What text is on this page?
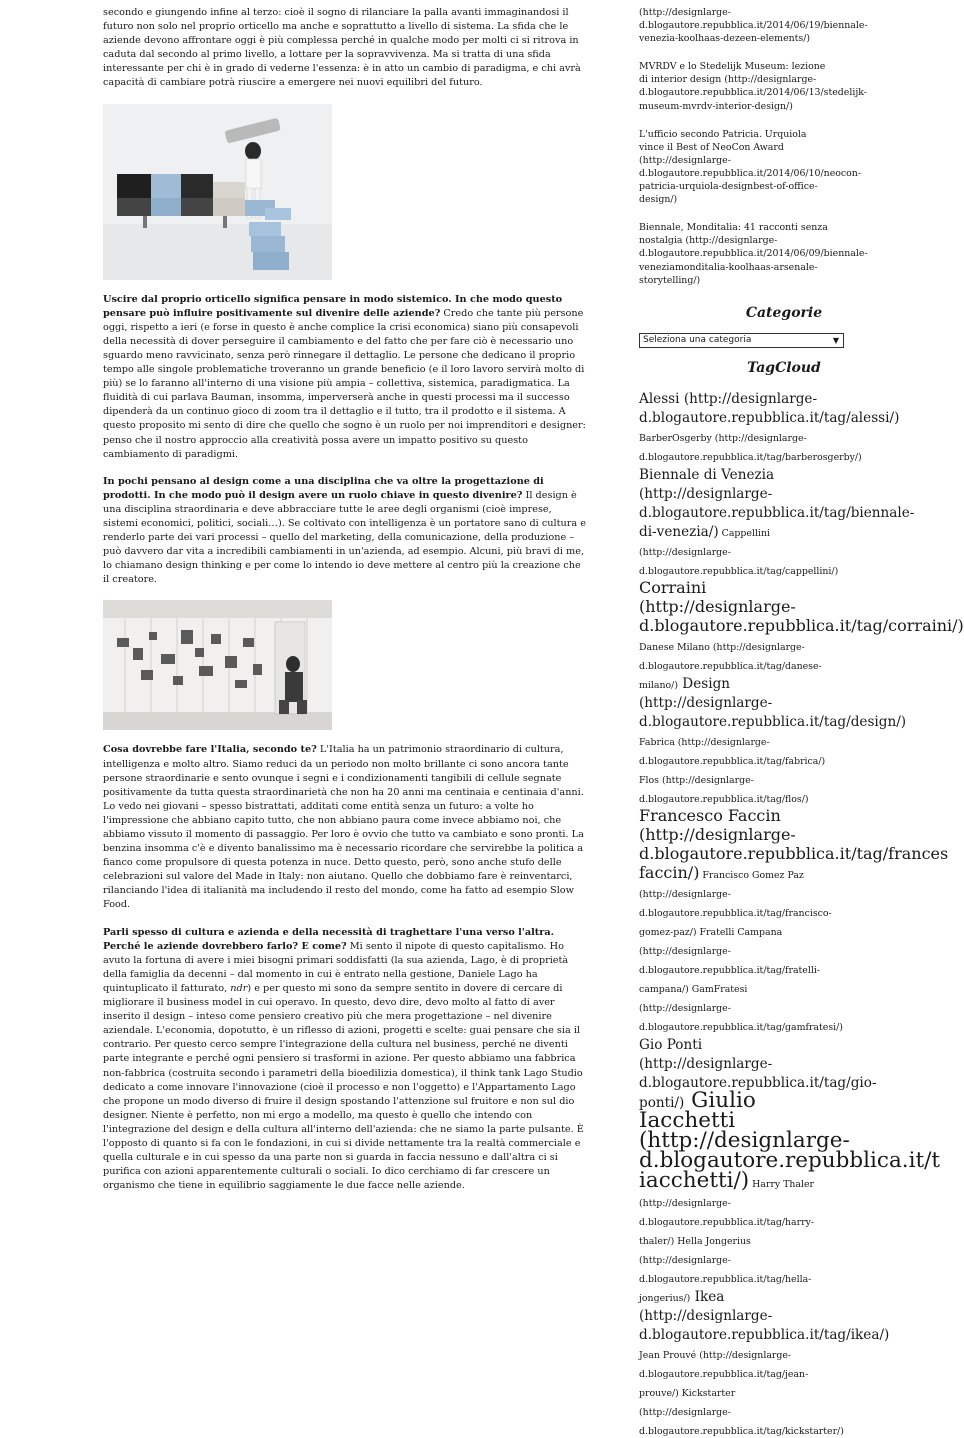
secondo e giungendo infine al terzo: cioè il sogno di rilanciare la palla avanti immaginandosi il futuro non solo nel proprio orticello ma anche e soprattutto a livello di sistema. La sfida che le aziende devono affrontare oggi è più complessa perché in qualche modo per molti ci si ritrova in caduta dal secondo al primo livello, a lottare per la sopravvivenza. Ma si tratta di una sfida interessante per chi è in grado di vederne l'essenza: è in atto un cambio di paradigma, e chi avrà capacità di cambiare potrà riuscire a emergere nei nuovi equilibri del futuro.

Uscire dal proprio orticello significa pensare in modo sistemico. In che modo questo pensare può influire positivamente sul divenire delle aziende? Credo che tante più persone oggi, rispetto a ieri (e forse in questo è anche complice la crisi economica) siano più consapevoli della necessità di dover perseguire il cambiamento e del fatto che per fare ciò è necessario uno sguardo meno ravvicinato, senza però rinnegare il dettaglio. Le persone che dedicano il proprio tempo alle singole problematiche troveranno un grande beneficio (e il loro lavoro servirà molto di più) se lo faranno all'interno di una visione più ampia – collettiva, sistemica, paradigmatica. La fluidità di cui parlava Bauman, insomma, imperverserà anche in questi processi ma il successo dipenderà da un continuo gioco di zoom tra il dettaglio e il tutto, tra il prodotto e il sistema. A questo proposito mi sento di dire che quello che sogno è un ruolo per noi imprenditori e designer: penso che il nostro approccio alla creatività possa avere un impatto positivo su questo cambiamento di paradigmi.

In pochi pensano al design come a una disciplina che va oltre la progettazione di prodotti. In che modo può il design avere un ruolo chiave in questo divenire? Il design è una disciplina straordinaria e deve abbracciare tutte le aree degli organismi (cioè imprese, sistemi economici, politici, sociali…). Se coltivato con intelligenza è un portatore sano di cultura e renderlo parte dei vari processi – quello del marketing, della comunicazione, della produzione – può davvero dar vita a incredibili cambiamenti in un'azienda, ad esempio. Alcuni, più bravi di me, lo chiamano design thinking e per come lo intendo io deve mettere al centro più la creazione che il creatore.

Cosa dovrebbe fare l'Italia, secondo te? L'Italia ha un patrimonio straordinario di cultura, intelligenza e molto altro. Siamo reduci da un periodo non molto brillante ci sono ancora tante persone straordinarie e sento ovunque i segni e i condizionamenti tangibili di cellule segnate positivamente da tutta questa straordinarietà che non ha 20 anni ma centinaia e centinaia d'anni. Lo vedo nei giovani – spesso bistrattati, additati come entità senza un futuro: a volte ho l'impressione che abbiano capito tutto, che non abbiano paura come invece abbiamo noi, che abbiamo vissuto il momento di passaggio. Per loro è ovvio che tutto va cambiato e sono pronti. La benzina insomma c'è e divento banalissimo ma è necessario ricordare che servirebbe la politica a fianco come propulsore di questa potenza in nuce. Detto questo, però, sono anche stufo delle celebrazioni sul valore del Made in Italy: non aiutano. Quello che dobbiamo fare è reinventarci, rilanciando l'idea di italianità ma includendo il resto del mondo, come ha fatto ad esempio Slow Food.

Parli spesso di cultura e azienda e della necessità di traghettare l'una verso l'altra. Perché le aziende dovrebbero farlo? E come? Mi sento il nipote di questo capitalismo. Ho avuto la fortuna di avere i miei bisogni primari soddisfatti (la sua azienda, Lago, è di proprietà della famiglia da decenni – dal momento in cui è entrato nella gestione, Daniele Lago ha quintuplicato il fatturato, ndr) e per questo mi sono da sempre sentito in dovere di cercare di migliorare il business model in cui operavo. In questo, devo dire, devo molto al fatto di aver inserito il design – inteso come pensiero creativo più che mera progettazione – nel divenire aziendale. L'economia, dopotutto, è un riflesso di azioni, progetti e scelte: guai pensare che sia il contrario. Per questo cerco sempre l'integrazione della cultura nel business, perché ne diventi parte integrante e perché ogni pensiero si trasformi in azione. Per questo abbiamo una fabbrica non-fabbrica (costruita secondo i parametri della bioedilizia domestica), il think tank Lago Studio dedicato a come innovare l'innovazione (cioè il processo e non l'oggetto) e l'Appartamento Lago che propone un modo diverso di fruire il design spostando l'attenzione sul fruitore e non sul dio designer. Niente è perfetto, non mi ergo a modello, ma questo è quello che intendo con l'integrazione del design e della cultura all'interno dell'azienda: che ne siamo la parte pulsante. È l'opposto di quanto si fa con le fondazioni, in cui si divide nettamente tra la realtà commerciale e quella culturale e in cui spesso da una parte non si guarda in faccia nessuno e dall'altra ci si purifica con azioni apparentemente culturali o sociali. Io dico cerchiamo di far crescere un organismo che tiene in equilibrio saggiamente le due facce nelle aziende.

(http://designlarge-
d.blogautore.repubblica.it/2014/06/19/biennale-
venezia-koolhaas-dezeen-elements/)
MVRDV e lo Stedelijk Museum: lezione
di interior design (http://designlarge-
d.blogautore.repubblica.it/2014/06/13/stedelijk-
museum-mvrdv-interior-design/)
L'ufficio secondo Patricia. Urquiola
vince il Best of NeoCon Award
(http://designlarge-
d.blogautore.repubblica.it/2014/06/10/neocon-
patricia-urquiola-designbest-of-office-
design/)
Biennale, Monditalia: 41 racconti senza
nostalgia (http://designlarge-
d.blogautore.repubblica.it/2014/06/09/biennale-
veneziamonditalia-koolhaas-arsenale-
storytelling/)
Categorie
Seleziona una categoria	▼
TagCloud
Alessi (http://designlarge-
d.blogautore.repubblica.it/tag/alessi/)
BarberOsgerby (http://designlarge-
d.blogautore.repubblica.it/tag/barberosgerby/)
Biennale di Venezia
(http://designlarge-
d.blogautore.repubblica.it/tag/biennale-
di-venezia/) Cappellini
(http://designlarge-
d.blogautore.repubblica.it/tag/cappellini/)
Corraini
(http://designlarge-
d.blogautore.repubblica.it/tag/corraini/)
Danese Milano (http://designlarge-
d.blogautore.repubblica.it/tag/danese-
milano/) Design
(http://designlarge-
d.blogautore.repubblica.it/tag/design/)
Fabrica (http://designlarge-
d.blogautore.repubblica.it/tag/fabrica/)
Flos (http://designlarge-
d.blogautore.repubblica.it/tag/flos/)
Francesco Faccin
(http://designlarge-
d.blogautore.repubblica.it/tag/frances
faccin/) Francisco Gomez Paz
(http://designlarge-
d.blogautore.repubblica.it/tag/francisco-
gomez-paz/) Fratelli Campana
(http://designlarge-
d.blogautore.repubblica.it/tag/fratelli-
campana/) GamFratesi
(http://designlarge-
d.blogautore.repubblica.it/tag/gamfratesi/)
Gio Ponti
(http://designlarge-
d.blogautore.repubblica.it/tag/gio-
ponti/) Giulio
Iacchetti
(http://designlarge-
d.blogautore.repubblica.it/t
iacchetti/) Harry Thaler
(http://designlarge-
d.blogautore.repubblica.it/tag/harry-
thaler/) Hella Jongerius
(http://designlarge-
d.blogautore.repubblica.it/tag/hella-
jongerius/) Ikea
(http://designlarge-
d.blogautore.repubblica.it/tag/ikea/)
Jean Prouvé (http://designlarge-
d.blogautore.repubblica.it/tag/jean-
prouve/) Kickstarter
(http://designlarge-
d.blogautore.repubblica.it/tag/kickstarter/)
